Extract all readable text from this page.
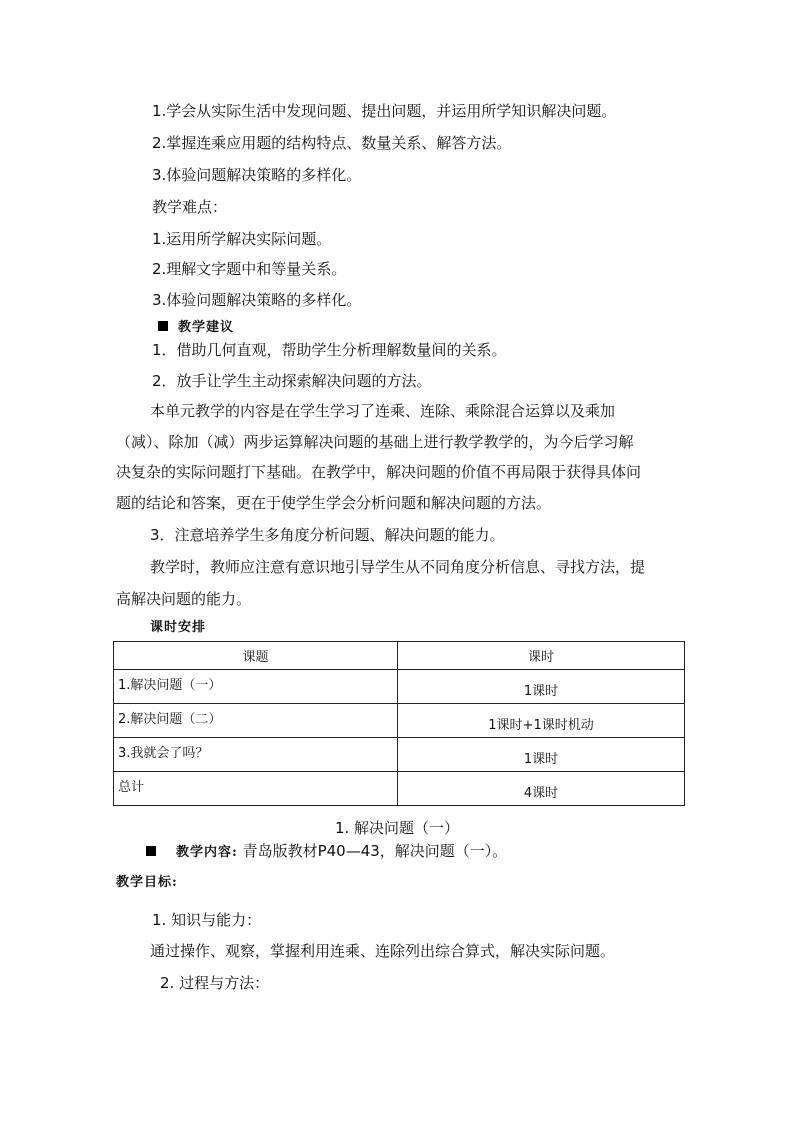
1.学会从实际生活中发现问题、提出问题，并运用所学知识解决问题。
2.掌握连乘应用题的结构特点、数量关系、解答方法。
3.体验问题解决策略的多样化。
教学难点：
1.运用所学解决实际问题。
2.理解文字题中和等量关系。
3.体验问题解决策略的多样化。
教学建议
1．借助几何直观，帮助学生分析理解数量间的关系。
2．放手让学生主动探索解决问题的方法。
本单元教学的内容是在学生学习了连乘、连除、乘除混合运算以及乘加
（减）、除加（减）两步运算解决问题的基础上进行教学教学的，为今后学习解
决复杂的实际问题打下基础。在教学中，解决问题的价值不再局限于获得具体问
题的结论和答案，更在于使学生学会分析问题和解决问题的方法。
3．注意培养学生多角度分析问题、解决问题的能力。
教学时，教师应注意有意识地引导学生从不同角度分析信息、寻找方法，提
高解决问题的能力。
课时安排
课题	课时
1.解决问题（一）	1课时
2.解决问题（二）	1课时+1课时机动
3.我就会了吗？	1课时
总计	4课时
1. 解决问题（一）
教学内容: 青岛版教材P40—43，解决问题（一）。
教学目标:
1. 知识与能力：
通过操作、观察，掌握利用连乘、连除列出综合算式，解决实际问题。
2. 过程与方法：
